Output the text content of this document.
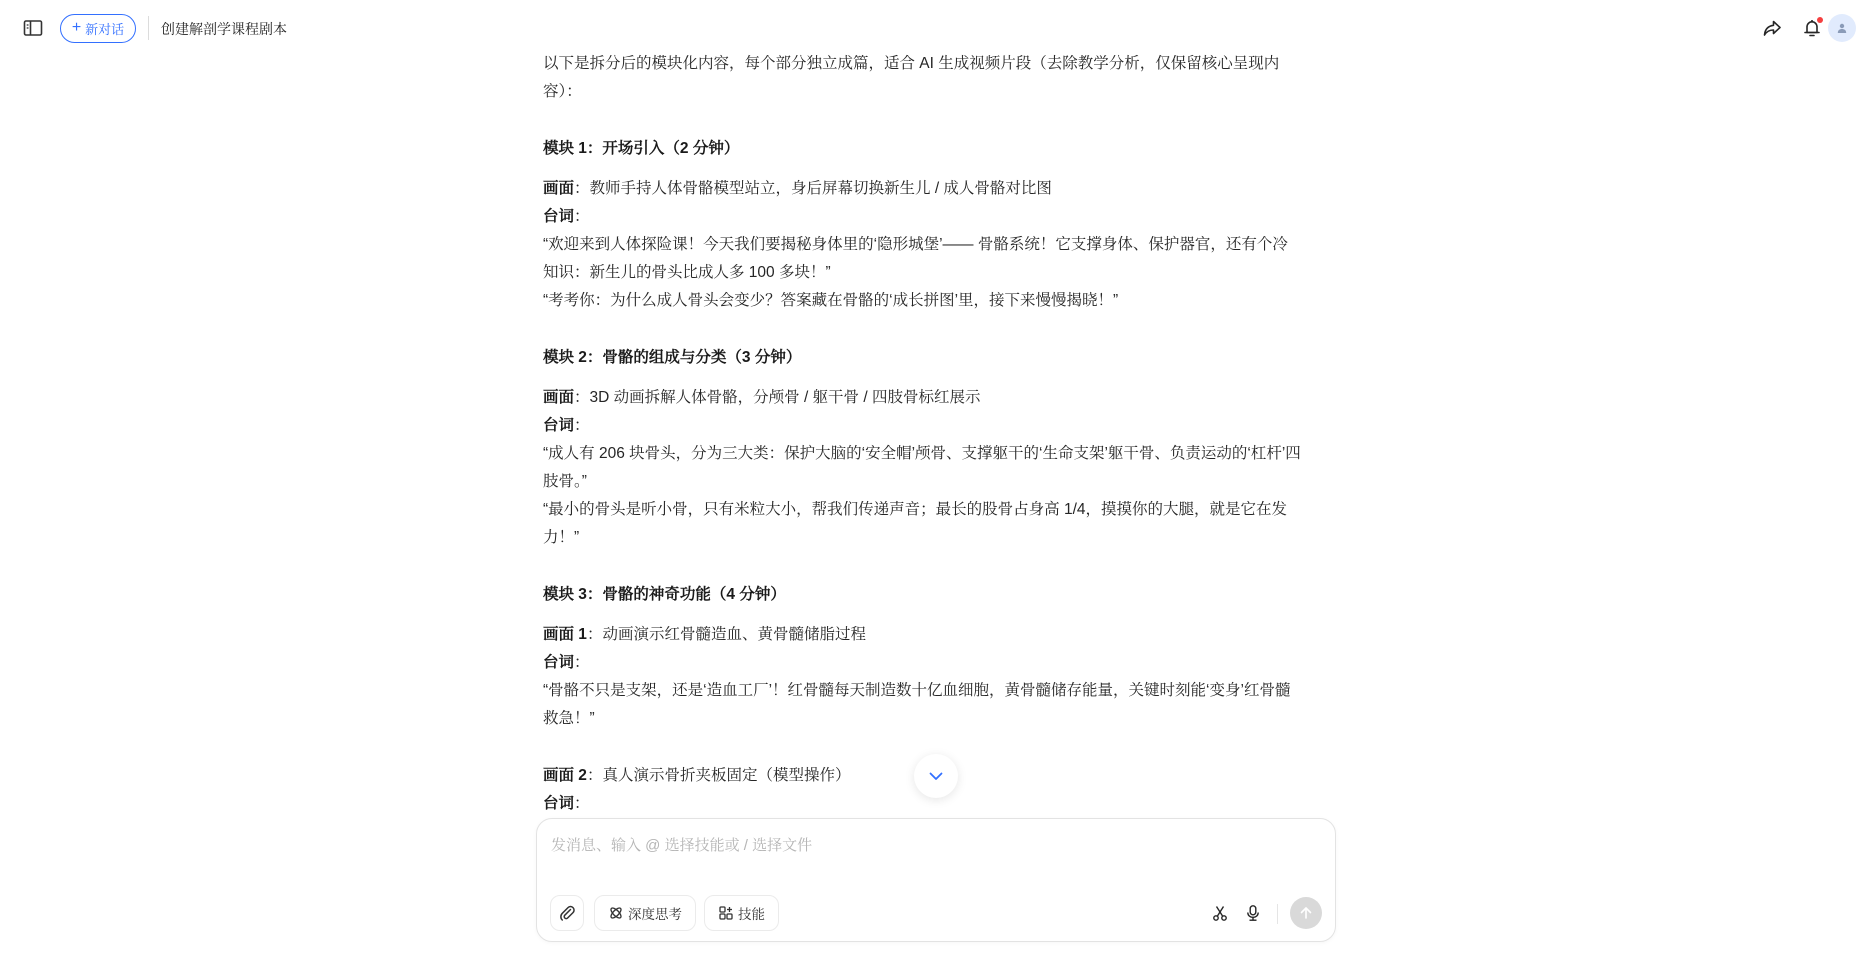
+ 新对话	创建解剖学课程剧本

以下是拆分后的模块化内容，每个部分独立成篇，适合 AI 生成视频片段（去除教学分析，仅保留核心呈现内

容）：

模块 1：开场引入（2 分钟）

画面：教师手持人体骨骼模型站立，身后屏幕切换新生儿 / 成人骨骼对比图

台词：

“欢迎来到人体探险课！今天我们要揭秘身体里的‘隐形城堡’—— 骨骼系统！它支撑身体、保护器官，还有个冷

知识：新生儿的骨头比成人多 100 多块！”

“考考你：为什么成人骨头会变少？答案藏在骨骼的‘成长拼图’里，接下来慢慢揭晓！”

模块 2：骨骼的组成与分类（3 分钟）

画面：3D 动画拆解人体骨骼，分颅骨 / 躯干骨 / 四肢骨标红展示

台词：

“成人有 206 块骨头，分为三大类：保护大脑的‘安全帽’颅骨、支撑躯干的‘生命支架’躯干骨、负责运动的‘杠杆’四

肢骨。”

“最小的骨头是听小骨，只有米粒大小，帮我们传递声音；最长的股骨占身高 1/4，摸摸你的大腿，就是它在发

力！”

模块 3：骨骼的神奇功能（4 分钟）

画面 1：动画演示红骨髓造血、黄骨髓储脂过程

台词：

“骨骼不只是支架，还是‘造血工厂’！红骨髓每天制造数十亿血细胞，黄骨髓储存能量，关键时刻能‘变身’红骨髓

救急！”

画面 2：真人演示骨折夹板固定（模型操作）

台词：

发消息、输入 @ 选择技能或 / 选择文件
深度思考	技能
